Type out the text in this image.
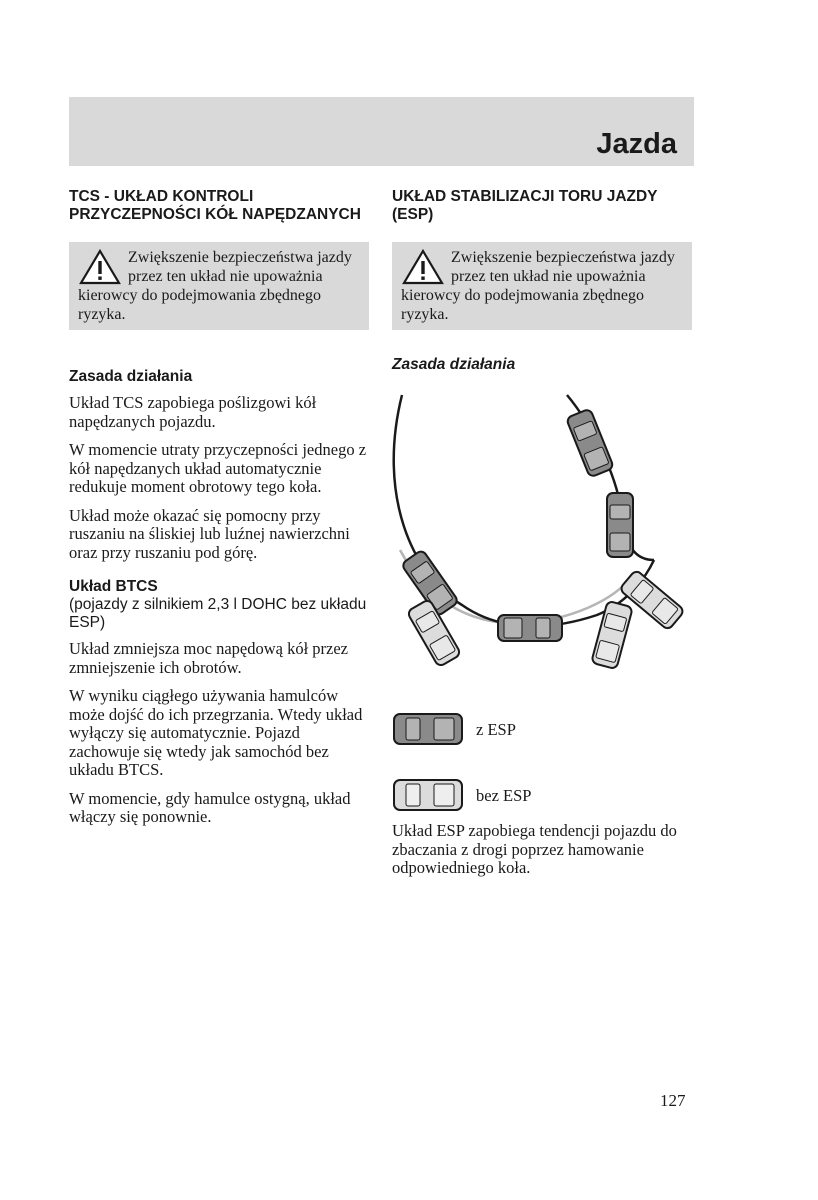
Jazda
TCS - UKŁAD KONTROLI PRZYCZEPNOŚCI KÓŁ NAPĘDZANYCH
Zwiększenie bezpieczeństwa jazdy przez ten układ nie upoważnia kierowcy do podejmowania zbędnego ryzyka.
Zasada działania

Układ TCS zapobiega poślizgowi kół napędzanych pojazdu.

W momencie utraty przyczepności jednego z kół napędzanych układ automatycznie redukuje moment obrotowy tego koła.

Układ może okazać się pomocny przy ruszaniu na śliskiej lub luźnej nawierzchni oraz przy ruszaniu pod górę.

Układ BTCS

(pojazdy z silnikiem 2,3 l DOHC bez układu ESP)

Układ zmniejsza moc napędową kół przez zmniejszenie ich obrotów.

W wyniku ciągłego używania hamulców może dojść do ich przegrzania. Wtedy układ wyłączy się automatycznie. Pojazd zachowuje się wtedy jak samochód bez układu BTCS.

W momencie, gdy hamulce ostygną, układ włączy się ponownie.

UKŁAD STABILIZACJI TORU JAZDY (ESP)
Zwiększenie bezpieczeństwa jazdy przez ten układ nie upoważnia kierowcy do podejmowania zbędnego ryzyka.
Zasada działania
z ESP
bez ESP

Układ ESP zapobiega tendencji pojazdu do zbaczania z drogi poprzez hamowanie odpowiedniego koła.

127
